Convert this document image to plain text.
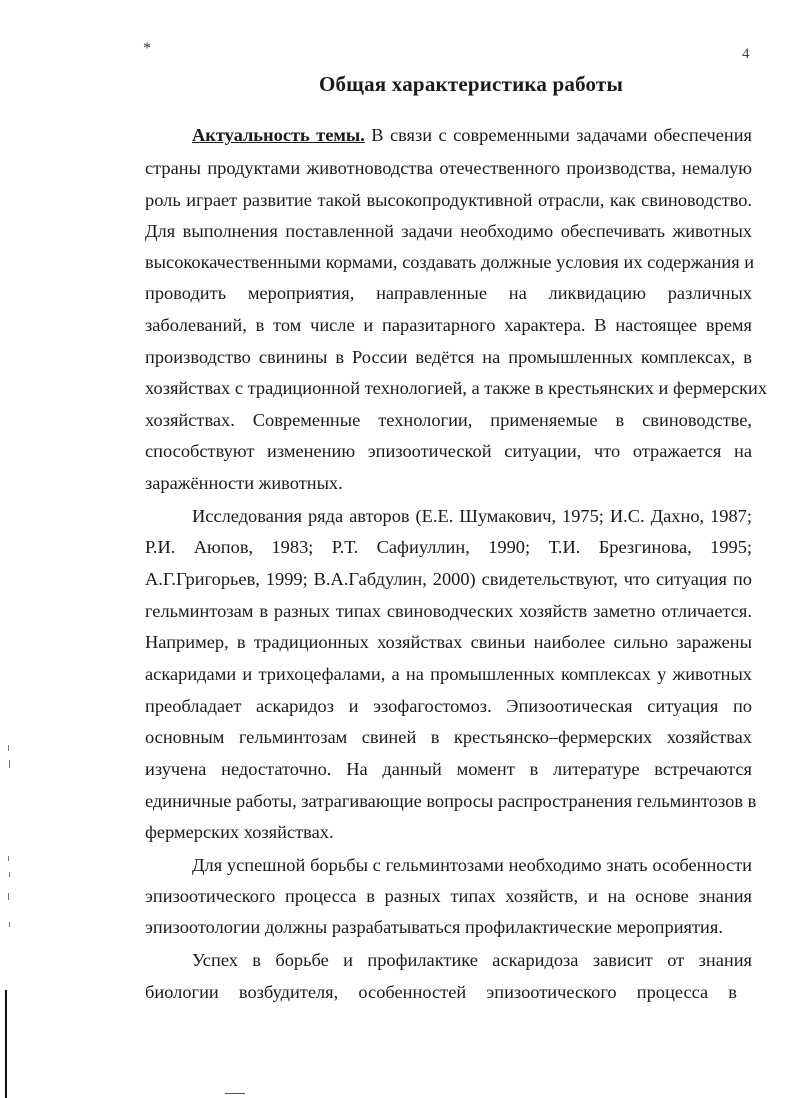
*	4
Общая характеристика работы
Актуальность темы. В связи с современными задачами обеспечения
страны продуктами животноводства отечественного производства, немалую
роль играет развитие такой высокопродуктивной отрасли, как свиноводство.
Для выполнения поставленной задачи необходимо обеспечивать животных
высококачественными кормами, создавать должные условия их содержания и
проводить мероприятия, направленные на ликвидацию различных
заболеваний, в том числе и паразитарного характера. В настоящее время
производство свинины в России ведётся на промышленных комплексах, в
хозяйствах с традиционной технологией, а также в крестьянских и фермерских
хозяйствах. Современные технологии, применяемые в свиноводстве,
способствуют изменению эпизоотической ситуации, что отражается на
заражённости животных.
Исследования ряда авторов (Е.Е. Шумакович, 1975; И.С. Дахно, 1987;
Р.И. Аюпов, 1983; Р.Т. Сафиуллин, 1990; Т.И. Брезгинова, 1995;
А.Г.Григорьев, 1999; В.А.Габдулин, 2000) свидетельствуют, что ситуация по
гельминтозам в разных типах свиноводческих хозяйств заметно отличается.
Например, в традиционных хозяйствах свиньи наиболее сильно заражены
аскаридами и трихоцефалами, а на промышленных комплексах у животных
преобладает аскаридоз и эзофагостомоз. Эпизоотическая ситуация по
основным гельминтозам свиней в крестьянско–фермерских хозяйствах
изучена недостаточно. На данный момент в литературе встречаются
единичные работы, затрагивающие вопросы распространения гельминтозов в
фермерских хозяйствах.
Для успешной борьбы с гельминтозами необходимо знать особенности
эпизоотического процесса в разных типах хозяйств, и на основе знания
эпизоотологии должны разрабатываться профилактические мероприятия.
Успех в борьбе и профилактике аскаридоза зависит от знания
биологии возбудителя, особенностей эпизоотического процесса в
